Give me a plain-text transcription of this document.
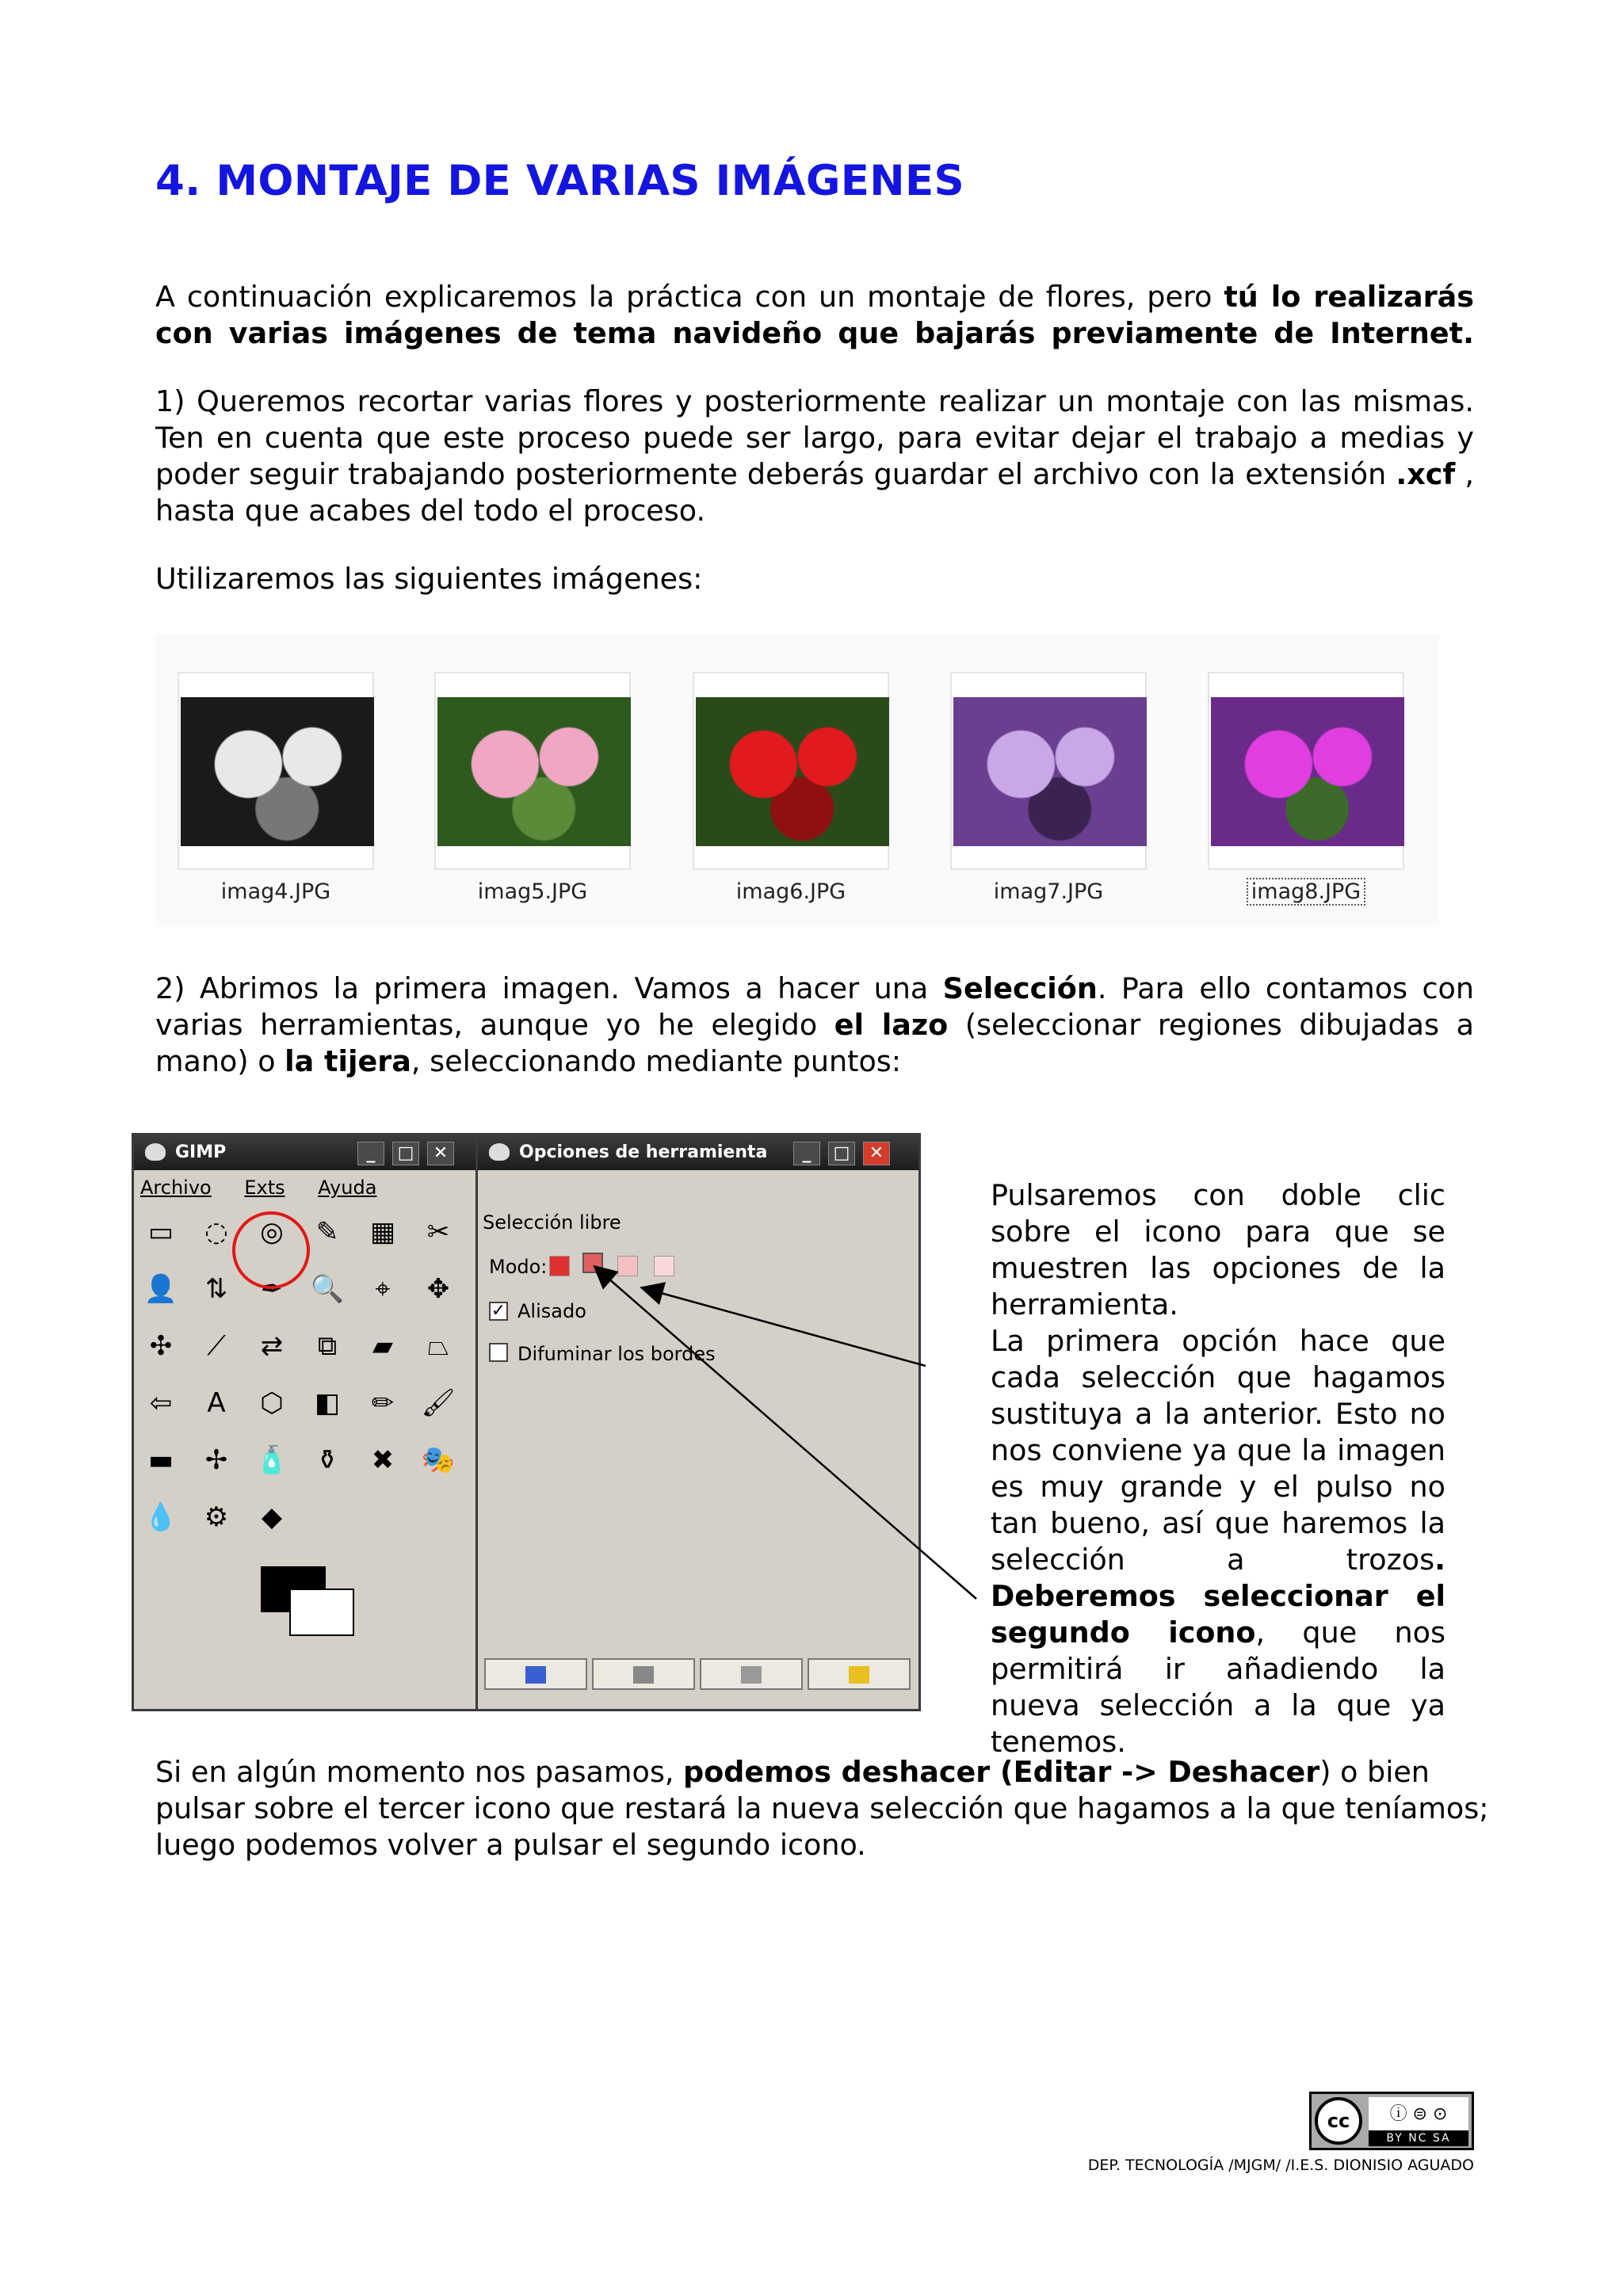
4. MONTAJE DE VARIAS IMÁGENES

A continuación explicaremos la práctica con un montaje de flores, pero tú lo realizarás con varias imágenes de tema navideño que bajarás previamente de Internet.

1) Queremos recortar varias flores y posteriormente realizar un montaje con las mismas. Ten en cuenta que este proceso puede ser largo, para evitar dejar el trabajo a medias y poder seguir trabajando posteriormente deberás guardar el archivo con la extensión .xcf , hasta que acabes del todo el proceso.

Utilizaremos las siguientes imágenes:

imag4.JPG	imag5.JPG	imag6.JPG	imag7.JPG	imag8.JPG

2) Abrimos la primera imagen. Vamos a hacer una Selección. Para ello contamos con varias herramientas, aunque yo he elegido el lazo (seleccionar regiones dibujadas a mano) o la tijera, seleccionando mediante puntos:

GIMP	_	□	✕
Archivo Exts Ayuda
▭ ◌ ◎ ✎ ▦ ✂
👤 ⇅ ✒ 🔍	⌖	✥
✣ ⟋ ⇄ ⧉ ▰ ⏢
⇦	A	⬡ ◧ ✏ 🖌
▬ ✢ 🧴 ⚱ ✖ 🎭
💧 ⚙ ◆
Opciones de herramienta	_	□	✕
Selección libre
Modo:
✓ Alisado
Difuminar los bordes

Pulsaremos con doble clic sobre el icono para que se muestren las opciones de la herramienta.

La primera opción hace que cada selección que hagamos sustituya a la anterior. Esto no nos conviene ya que la imagen es muy grande y el pulso no tan bueno, así que haremos la selección a trozos. Deberemos seleccionar el segundo icono, que nos permitirá ir añadiendo la nueva selección a la que ya tenemos.

Si en algún momento nos pasamos, podemos deshacer (Editar -> Deshacer) o bien pulsar sobre el tercer icono que restará la nueva selección que hagamos a la que teníamos; luego podemos volver a pulsar el segundo icono.

cc	ⓘ ⊜ ⊙
BY NC SA
DEP. TECNOLOGÍA /MJGM/ /I.E.S. DIONISIO AGUADO
